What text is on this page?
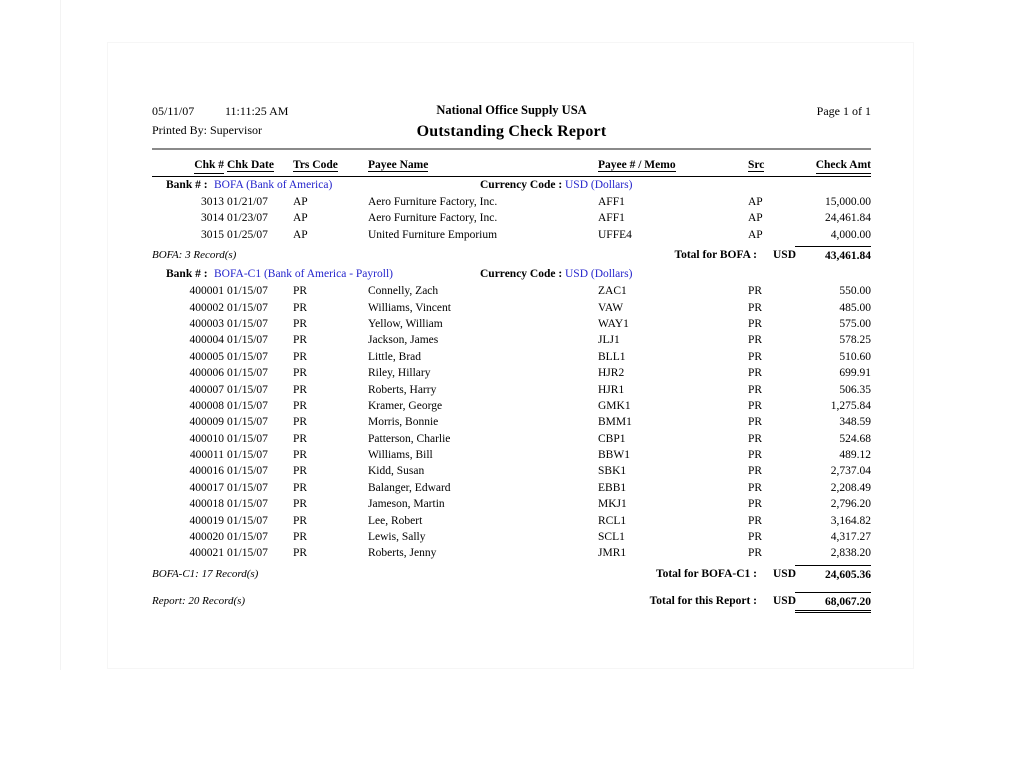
05/11/07	11:11:25 AM	National Office Supply USA	Page 1 of 1
Printed By: Supervisor	Outstanding Check Report
Chk # Chk Date	Trs Code	Payee Name	Payee # / Memo	Src	Check Amt
Bank # : BOFA (Bank of America)	Currency Code : USD (Dollars)
3013 01/21/07	AP	Aero Furniture Factory, Inc.	AFF1	AP	15,000.00
3014 01/23/07	AP	Aero Furniture Factory, Inc.	AFF1	AP	24,461.84
3015 01/25/07	AP	United Furniture Emporium	UFFE4	AP	4,000.00
BOFA: 3 Record(s)	Total for BOFA : USD	43,461.84
Bank # : BOFA-C1 (Bank of America - Payroll)	Currency Code : USD (Dollars)
400001 01/15/07	PR	Connelly, Zach	ZAC1	PR	550.00
400002 01/15/07	PR	Williams, Vincent	VAW	PR	485.00
400003 01/15/07	PR	Yellow, William	WAY1	PR	575.00
400004 01/15/07	PR	Jackson, James	JLJ1	PR	578.25
400005 01/15/07	PR	Little, Brad	BLL1	PR	510.60
400006 01/15/07	PR	Riley, Hillary	HJR2	PR	699.91
400007 01/15/07	PR	Roberts, Harry	HJR1	PR	506.35
400008 01/15/07	PR	Kramer, George	GMK1	PR	1,275.84
400009 01/15/07	PR	Morris, Bonnie	BMM1	PR	348.59
400010 01/15/07	PR	Patterson, Charlie	CBP1	PR	524.68
400011 01/15/07	PR	Williams, Bill	BBW1	PR	489.12
400016 01/15/07	PR	Kidd, Susan	SBK1	PR	2,737.04
400017 01/15/07	PR	Balanger, Edward	EBB1	PR	2,208.49
400018 01/15/07	PR	Jameson, Martin	MKJ1	PR	2,796.20
400019 01/15/07	PR	Lee, Robert	RCL1	PR	3,164.82
400020 01/15/07	PR	Lewis, Sally	SCL1	PR	4,317.27
400021 01/15/07	PR	Roberts, Jenny	JMR1	PR	2,838.20
BOFA-C1: 17 Record(s)	Total for BOFA-C1 : USD	24,605.36
Report: 20 Record(s)	Total for this Report : USD	68,067.20
